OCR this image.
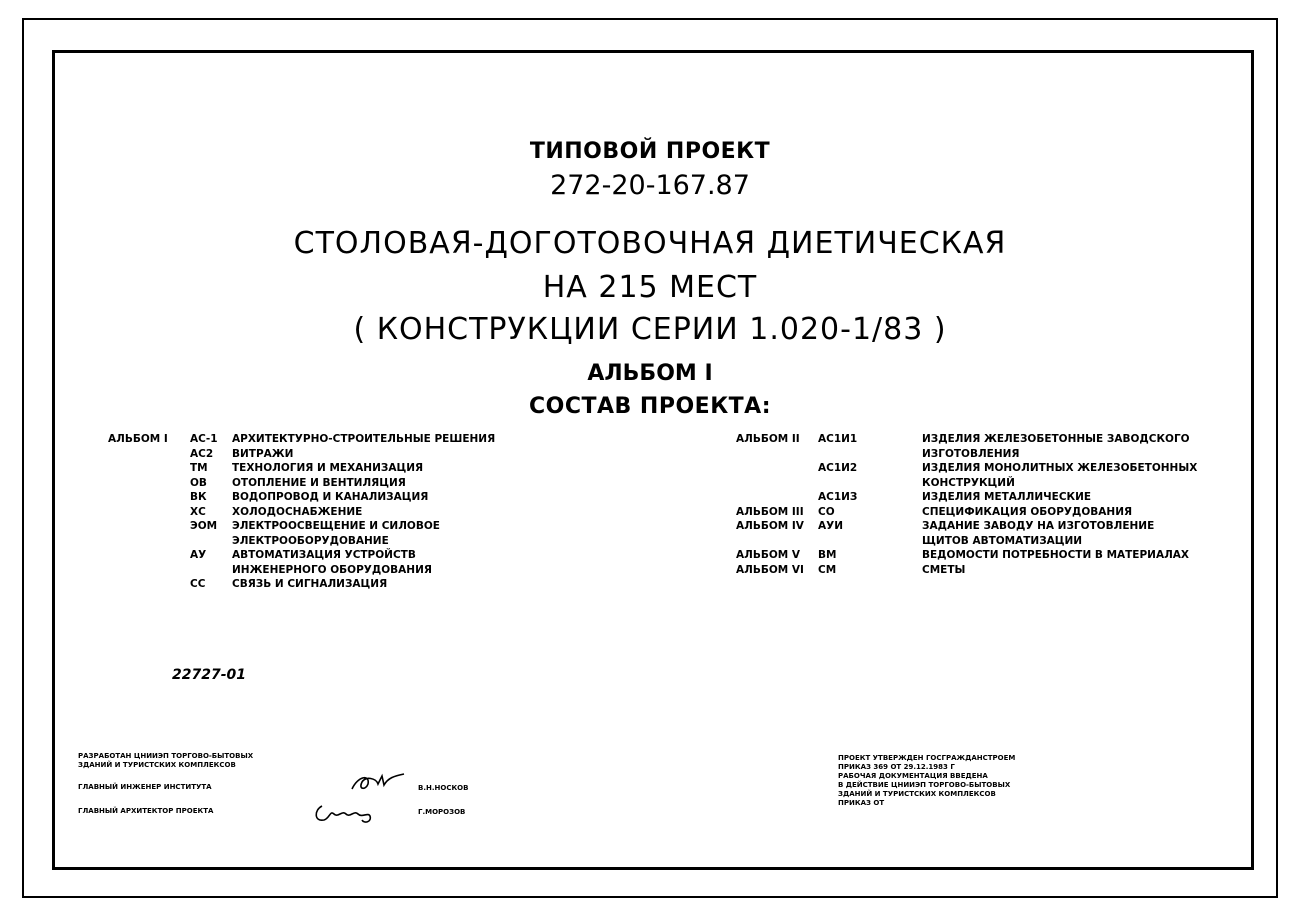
ТИПОВОЙ ПРОЕКТ
272-20-167.87
СТОЛОВАЯ-ДОГОТОВОЧНАЯ ДИЕТИЧЕСКАЯ
НА 215 МЕСТ
( КОНСТРУКЦИИ СЕРИИ 1.020-1/83 )
АЛЬБОМ I
СОСТАВ ПРОЕКТА:
АЛЬБОМ I АС-1 АРХИТЕКТУРНО-СТРОИТЕЛЬНЫЕ РЕШЕНИЯ
АС2 ВИТРАЖИ
ТМ ТЕХНОЛОГИЯ И МЕХАНИЗАЦИЯ
ОВ ОТОПЛЕНИЕ И ВЕНТИЛЯЦИЯ
ВК ВОДОПРОВОД И КАНАЛИЗАЦИЯ
ХС ХОЛОДОСНАБЖЕНИЕ
ЭОМ ЭЛЕКТРООСВЕЩЕНИЕ И СИЛОВОЕ
ЭЛЕКТРООБОРУДОВАНИЕ
АУ АВТОМАТИЗАЦИЯ УСТРОЙСТВ
ИНЖЕНЕРНОГО ОБОРУДОВАНИЯ
СС	СВЯЗЬ И СИГНАЛИЗАЦИЯ
АЛЬБОМ II АС1И1	ИЗДЕЛИЯ ЖЕЛЕЗОБЕТОННЫЕ ЗАВОДСКОГО
ИЗГОТОВЛЕНИЯ
АС1И2	ИЗДЕЛИЯ МОНОЛИТНЫХ ЖЕЛЕЗОБЕТОННЫХ
КОНСТРУКЦИЙ
АС1ИЗ	ИЗДЕЛИЯ МЕТАЛЛИЧЕСКИЕ
АЛЬБОМ III СО	СПЕЦИФИКАЦИЯ ОБОРУДОВАНИЯ
АЛЬБОМ IV АУИ	ЗАДАНИЕ ЗАВОДУ НА ИЗГОТОВЛЕНИЕ
ЩИТОВ АВТОМАТИЗАЦИИ
АЛЬБОМ V ВМ	ВЕДОМОСТИ ПОТРЕБНОСТИ В МАТЕРИАЛАХ
АЛЬБОМ VI СМ	СМЕТЫ
22727-01
РАЗРАБОТАН ЦНИИЭП ТОРГОВО-БЫТОВЫХ
ЗДАНИЙ И ТУРИСТСКИХ КОМПЛЕКСОВ
ГЛАВНЫЙ ИНЖЕНЕР ИНСТИТУТА
ГЛАВНЫЙ АРХИТЕКТОР ПРОЕКТА
В.Н.НОСКОВ
Г.МОРОЗОВ
ПРОЕКТ УТВЕРЖДЕН ГОСГРАЖДАНСТРОЕМ
ПРИКАЗ 369 ОТ 29.12.1983 Г
РАБОЧАЯ ДОКУМЕНТАЦИЯ ВВЕДЕНА
В ДЕЙСТВИЕ ЦНИИЭП ТОРГОВО-БЫТОВЫХ
ЗДАНИЙ И ТУРИСТСКИХ КОМПЛЕКСОВ
ПРИКАЗ ОТ
